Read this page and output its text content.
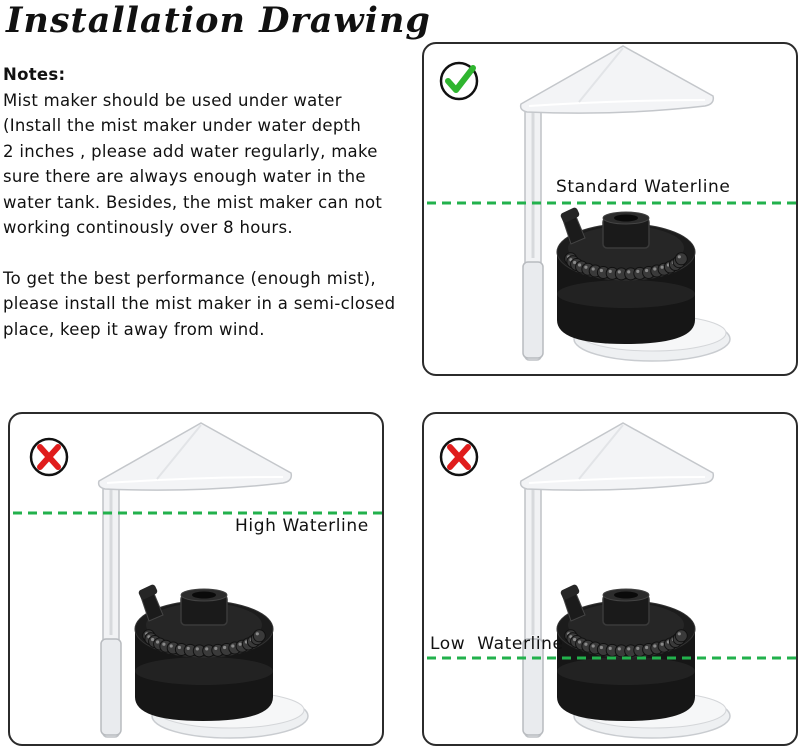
Installation Drawing

Notes:

Mist maker should be used under water

(Install the mist maker under water depth

2 inches , please add water regularly, make

sure there are always enough water in the

water tank. Besides, the mist maker can not

working continously over 8 hours.

To get the best performance (enough mist),

please install the mist maker in a semi-closed

place, keep it away from wind.

Standard Waterline
High Waterline
Low  Waterline
